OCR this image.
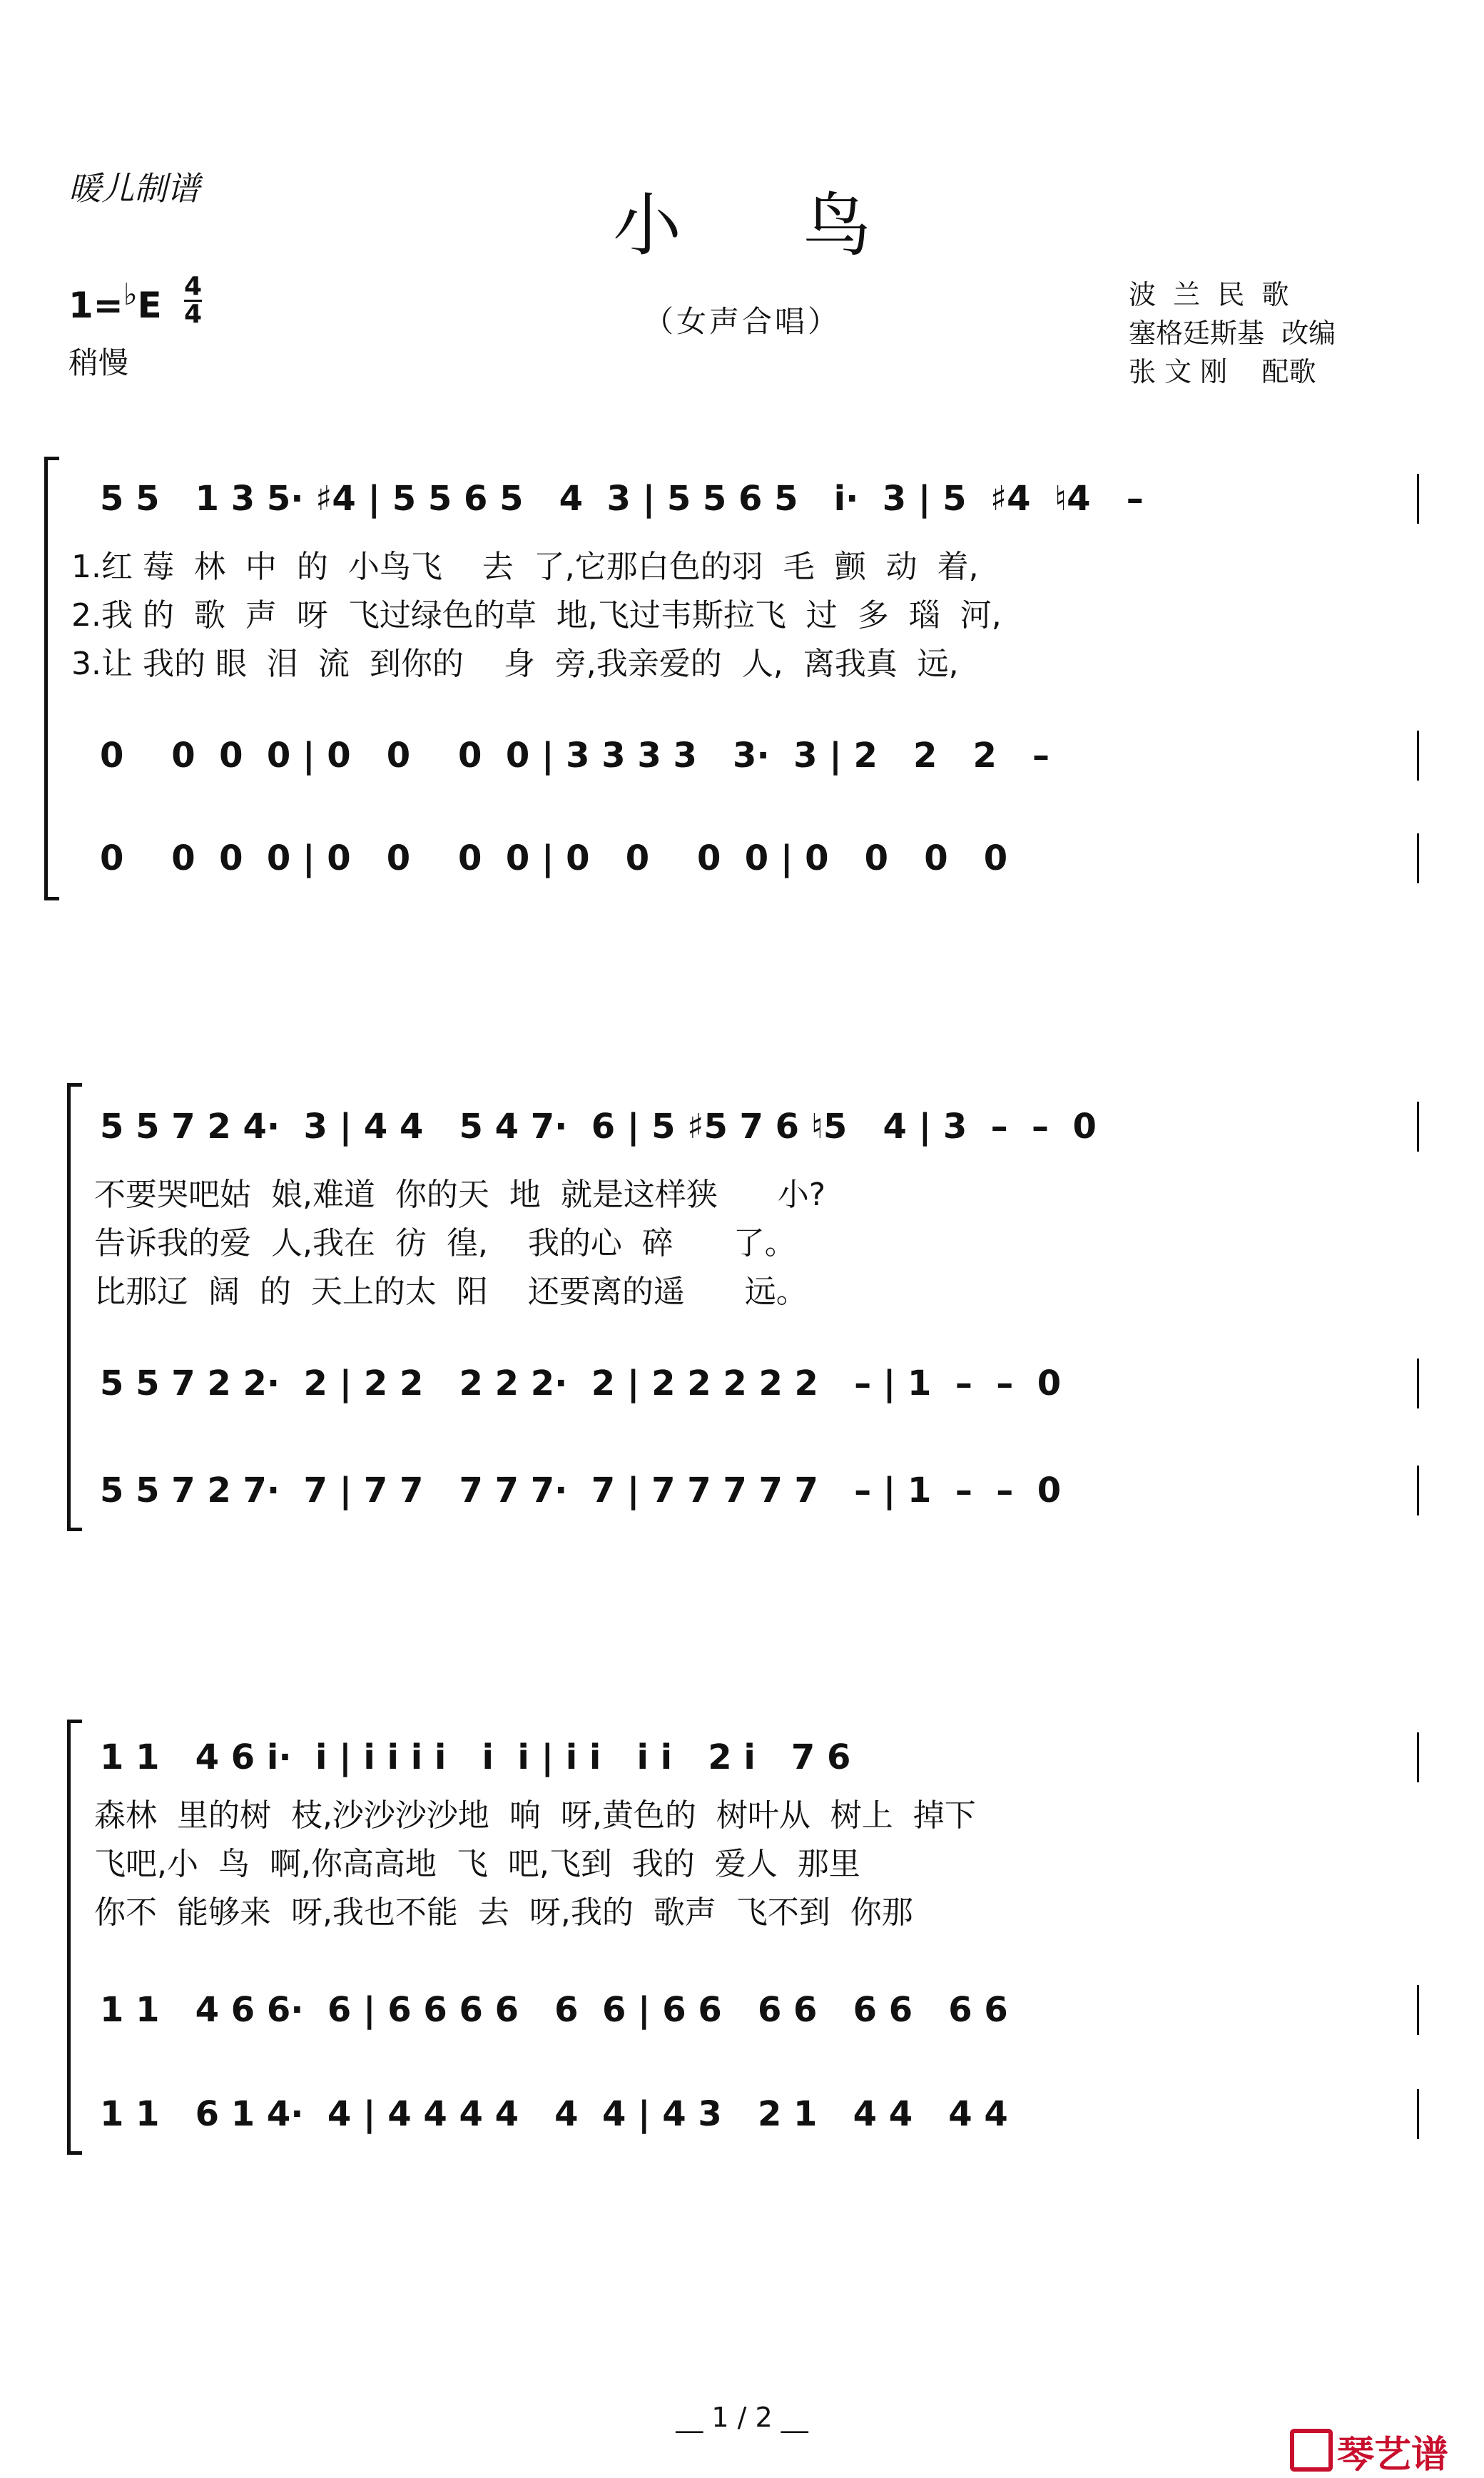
暖儿制谱	小鸟
1=♭E 4
4
稍慢
（女声合唱）
波  兰  民  歌
塞格廷斯基  改编
张 文 刚    配歌
5 5   1 3 5· ♯4 | 5 5 6 5   4  3 | 5 5 6 5   i·  3 | 5  ♯4  ♮4   –
1.红 莓  林  中  的  小鸟飞    去  了,它那白色的羽  毛  颤  动  着,
2.我 的  歌  声  呀  飞过绿色的草  地,飞过韦斯拉飞  过  多  瑙  河,
3.让 我的 眼  泪  流  到你的    身  旁,我亲爱的  人,  离我真  远,
0    0  0  0 | 0   0    0  0 | 3 3 3 3   3·  3 | 2   2   2   –
0    0  0  0 | 0   0    0  0 | 0   0    0  0 | 0   0   0   0
5 5 7 2 4·  3 | 4 4   5 4 7·  6 | 5 ♯5 7 6 ♮5   4 | 3  –  –  0
不要哭吧姑  娘,难道  你的天  地  就是这样狭      小?
告诉我的爱  人,我在  彷  徨,    我的心  碎      了。
比那辽  阔  的  天上的太  阳    还要离的遥      远。
5 5 7 2 2·  2 | 2 2   2 2 2·  2 | 2 2 2 2 2   – | 1  –  –  0
5 5 7 2 7·  7 | 7 7   7 7 7·  7 | 7 7 7 7 7   – | 1  –  –  0
1 1   4 6 i·  i | i i i i   i  i | i i   i i   2 i   7 6
森林  里的树  枝,沙沙沙沙地  响  呀,黄色的  树叶从  树上  掉下
飞吧,小  鸟  啊,你高高地  飞  吧,飞到  我的  爱人  那里
你不  能够来  呀,我也不能  去  呀,我的  歌声  飞不到  你那
1 1   4 6 6·  6 | 6 6 6 6   6  6 | 6 6   6 6   6 6   6 6
1 1   6 1 4·  4 | 4 4 4 4   4  4 | 4 3   2 1   4 4   4 4
__ 1 / 2 __
琴艺谱
